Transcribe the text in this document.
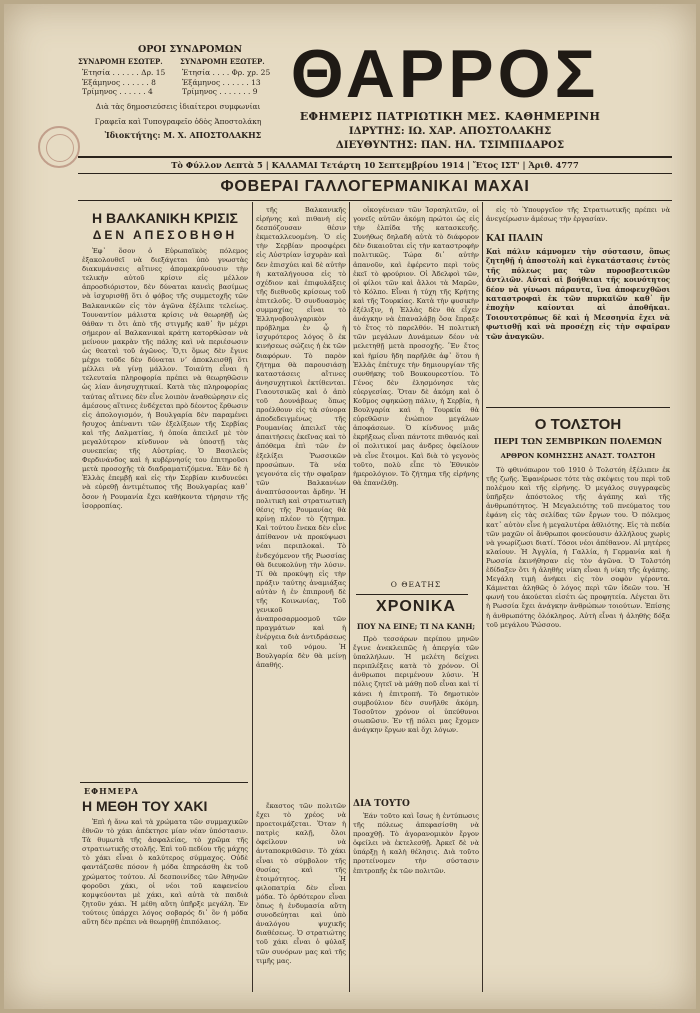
ΟΡΟΙ ΣΥΝΔΡΟΜΩΝ
ΣΥΝΔΡΟΜΗ ΕΣΩΤΕΡ.	ΣΥΝΔΡΟΜΗ ΕΞΩΤΕΡ.
Ἐτησία . . . . . . Δρ. 15
Ἑξάμηνος . . . . . . 8
Τρίμηνος . . . . . . 4
Ἐτησία . . . . Φρ. χρ. 25
Ἑξάμηνος . . . . . . 13
Τρίμηνος . . . . . . . 9
Διὰ τὰς δημοσιεύσεις ἰδιαίτεροι συμφωνίαι
Γραφεῖα καὶ Τυπογραφεῖο ὁδὸς Ἀποστολάκη
Ἰδιοκτήτης: Μ. Χ. ΑΠΟΣΤΟΛΑΚΗΣ
ΘΑΡΡΟΣ
ΕΦΗΜΕΡΙΣ ΠΑΤΡΙΩΤΙΚΗ ΜΕΣ. ΚΑΘΗΜΕΡΙΝΗ
ΙΔΡΥΤΗΣ: ΙΩ. ΧΑΡ. ΑΠΟΣΤΟΛΑΚΗΣ
ΔΙΕΥΘΥΝΤΗΣ: ΠΑΝ. ΗΛ. ΤΣΙΜΠΙΔΑΡΟΣ
Τὸ Φύλλον Λεπτὰ 5 | ΚΑΛΑΜΑΙ Τετάρτη 10 Σεπτεμβρίου 1914 | Ἔτος ΙΣΤ' | Ἀριθ. 4777
ΦΟΒΕΡΑΙ ΓΑΛΛΟΓΕΡΜΑΝΙΚΑΙ ΜΑΧΑΙ
Η ΒΑΛΚΑΝΙΚΗ ΚΡΙΣΙΣ
ΔΕΝ ΑΠΕΣΟΒΗΘΗ

Ἐφ᾽ ὅσον ὁ Εὐρωπαϊκὸς πόλεμος ἐξακολουθεῖ νὰ διεξάγεται ὑπὸ γνωστὰς διακυμάνσεις αἵτινες ἀπομακρύνουσιν τὴν τελικὴν αὐτοῦ κρίσιν εἰς μέλλον ἀπροσδιόριστον, δὲν δύναται κανεὶς βασίμως νὰ ἰσχυρισθῇ ὅτι ὁ φόβος τῆς συμμετοχῆς τῶν Βαλκανικῶν εἰς τὸν ἀγῶνα ἐξέλιπε τελείως. Τουναντίον μάλιστα κρίσις νὰ θεωρηθῇ ὡς θάθαν τι ὅτι ἀπὸ τῆς στιγμῆς καθ᾽ ἣν μέχρι σήμερον αἱ Βαλκανικαὶ κράτη κατορθώσαν νὰ μείνουν μακρὰν τῆς πάλης καὶ νὰ περιέσωσιν ὡς θεαταὶ τοῦ ἀγῶνος. Ὅ,τι ὅμως δὲν ἔγινε μέχρι τοῦδε δὲν δύναται νʼ ἀποκλεισθῇ ὅτι μέλλει νὰ γίνῃ μάλλον. Τοιαύτη εἶναι ἡ τελευταία πληροφορία πρέπει νὰ θεωρηθῶσιν ὡς λίαν ἀνησυχητικαί. Κατὰ τὰς πληροφορίας ταύτας αἵτινες δὲν εἶνε λοιπὸν ἀναθεώρησιν εἰς ἀμέσους αἵτινες ἐνδέχεται πρὸ δέοντος ἔρθωσιν εἰς ἀπολογισμόν, ἡ Βουλγαρία δὲν παραμένει ἥσυχος ἀπέναντι τῶν ἐξελίξεων τῆς Σερβίας καὶ τῆς Δαλματίας, ἡ ὁποία ἀπειλεῖ μὲ τὸν μεγαλύτερον κίνδυνον νὰ ὑποστῇ τὰς συνεπείας τῆς Αὐστρίας. Ὁ Βασιλεὺς Φερδινάνδος καὶ ἡ κυβέρνησίς του ἐπιτηροῦσι μετὰ προσοχῆς τὰ διαδραματιζόμενα. Ἐὰν δὲ ἡ Ἑλλὰς ἐπεμβῇ καὶ εἰς τὴν Σερβίαν κινδυνεύει νὰ εὑρεθῇ ἀντιμέτωπος τῆς Βουλγαρίας καθ᾽ ὅσον ἡ Ρουμανία ἔχει καθήκοντα τήρησιν τῆς ἰσορροπίας.

τῆς Βαλκανικῆς εἰρήνης καὶ πιθανὴ εἰς δεσπόζουσαν θέσιν ἐκμεταλλευομένη. Ὁ εἰς τὴν Σερβίαν προσφέρει εἰς Αὐστρίαν ἰσχυρὰν καὶ δεν ἑπισχύει καὶ δὲ αὐτὴν ἡ καταλήγουσα εἰς τὸ σχέδιον καὶ ἐπιφυλάξεις τῆς διεθνοῦς κρίσεως τοῦ ἐπιτελοῦς. Ὁ συνδυασμὸς συμμαχίας εἶναι τὸ Ἑλληνοβουλγαρικὸν πρόβλημα ἐν ᾧ ἡ ἰσχυρότερος λόγος ὃ ἐκ κινήσεως σώζεις ἡ ἐκ τῶν διαφόρων. Τὸ παρὸν ζήτημα θὰ παρουσιάσῃ καταστάσεις αἵτινες ἀνησυχητικοὶ ἐκτίθενται. Γιαουτσικῶς καὶ ὁ ἀπὸ τοῦ Δουνάβεως ὅπως προέλθουν εἰς τὰ σύνορα ἀποδεδειγμένως τῆς Ρουμανίας ἀπειλεῖ τὰς ἀπαιτήσεις ἐκεῖνας καὶ τὸ ἀπόθεμα ἐπὶ τῶν ἐν ἐξελίξει Ῥωσσικῶν προσώπων. Τὰ νέα γεγονότα εἰς τὴν σφαῖραν τῶν Βαλκανίων ἀναπτύσσονται ἄρδην. Ἡ πολιτικὴ καὶ στρατιωτικὴ θέσις τῆς Ρουμανίας θὰ κρίνῃ πλέον τὸ ζήτημα. Καὶ τούτου ἕνεκα δὲν εἶνε ἀπίθανον νὰ προκύψωσι νέαι περιπλοκαὶ. Τὸ ἐνδεχόμενον τῆς Ρωσσίας θὰ διευκολύνῃ τὴν λύσιν. Τί θὰ προκύψῃ εἰς τὴν πράξιν ταύτης ἀναμιάξας αὐτὰν ἡ ἐν ἐπιπρονῆ δὲ τῆς Κοινωνίας, Τοῦ γενικοῦ ἀναπροσαρμοσμοῦ τῶν πραγμάτων καὶ ἡ ἐνέργεια διὰ ἀντιδράσεως καὶ τοῦ νόμου. Ἡ Βουλγαρία δὲν θὰ μείνῃ ἀπαθής.

οἰκογένειαν τῶν Ἰσραηλιτῶν, οἱ γονεῖς αὐτῶν ἀκόμη πρώτοι ὡς εἰς τὴν ἐλπίδα τῆς κατασκευῆς. Συνήθως δηλαδὴ αὐτὰ τὸ διάφορον δὲν δικαιοῦται εἰς τὴν καταστροφὴν πολιτικῶς. Τώρα δι᾽ αὐτὴν ἀπανοῦν, καὶ ἐφέρεντο περὶ τοὺς ἐκεῖ τὸ φρούριον. Οἱ Ἀδελφοὶ τῶν, οἱ φίλοι τῶν καὶ ἄλλοι τὰ Μαρῶν, τὸ Κόλπο. Εἶναι ἡ τύχη τῆς Κρήτης καὶ τῆς Τουρκίας. Κατὰ τὴν φυσικὴν ἐξέλιξιν, ἡ Ἑλλὰς δὲν θὰ εἶχεν ἀνάγκην νὰ ἐπαναλάβῃ ὅσα ἔπραξε τὸ ἔτος τὸ παρελθόν. Ἡ πολιτικὴ τῶν μεγάλων Δυνάμεων δέον νὰ μελετηθῇ μετὰ προσοχῆς. Ἓν ἔτος καὶ ἡμίσυ ἤδη παρῆλθε ἀφ᾽ ὅτου ἡ Ἑλλὰς ἐπέτυχε τὴν δημιουργίαν τῆς συνθήκης τοῦ Βουκουρεστίου. Τὸ Γένος δὲν ἐλησμόνησε τὰς εὐεργεσίας. Ὅταν δὲ ἀκόμη καὶ ὁ Κοῦμος σφηκώσῃ πάλιν, ἡ Σερβία, ἡ Βουλγαρία καὶ ἡ Τουρκία θὰ εὑρεθῶσιν ἐνώπιον μεγάλων ἀποφάσεων. Ὁ κίνδυνος μιᾶς ἐκρήξεως εἶναι πάντοτε πιθανός καὶ οἱ πολιτικοί μας ἀνδρες ὀφείλουν νὰ εἶνε ἕτοιμοι. Καὶ διὰ τὸ γεγονὸς τοῦτο, πολὺ εἶπε τὸ Ἐθνικὸν ἡμερολόγιον. Τὸ ζήτημα τῆς εἰρήνης θὰ ἐπανέλθῃ.

Ο ΘΕΑΤΗΣ
ΧΡΟΝΙΚΑ
ΠΟΥ ΝΑ ΕΙΝΕ; ΤΙ ΝΑ ΚΑΝΗ;

Πρὸ τεσσάρων περίπου μηνῶν ἔγινε ἀνεκλειπῶς ἡ ἀπεργία τῶν ὑπαλλήλων. Ἡ μελέτη δείχνει περιπλέξεις κατὰ τὸ χρόνον. Οἱ ἀνθρωποι περιμένουν λύσιν. Ἡ πόλις ζητεῖ νὰ μάθῃ ποῦ εἶναι καὶ τί κάνει ἡ ἐπιτροπή. Τὸ δημοτικὸν συμβούλιον δὲν συνῆλθε ἀκόμη. Τοσοῦτον χρόνον οἱ ὑπεύθυνοι σιωπῶσιν. Ἐν τῇ πόλει μας ἔχομεν ἀνάγκην ἔργων καὶ ὄχι λόγων.

ΔΙΑ ΤΟΥΤΟ

Ἐάν τοῦτο καὶ ἴσως ἡ ἐντύπωσις τῆς πόλεως ἀπεφασίσθη νὰ προαχθῇ. Τὸ ἀγορανομικὸν ἔργον ὀφείλει νὰ ἐκτελεσθῇ. Ἀρκεῖ δὲ νὰ ὑπάρξῃ ἡ καλὴ θέλησις. Διὰ τοῦτο προτείνομεν τὴν σύστασιν ἐπιτροπῆς ἐκ τῶν πολιτῶν.

ΕΦΗΜΕΡΑ
Η ΜΕΘΗ ΤΟΥ ΧΑΚΙ

Ἐπὶ ἡ ἄνω καὶ τὰ χρώματα τῶν συμμαχικῶν ἐθνῶν τὸ χάκι ἀπέκτησε μίαν νέαν ὑπόστασιν. Τὰ θυμωτὰ τῆς ἀσφαλείας, τὸ χρῶμα τῆς στρατιωτικῆς στολῆς. Ἐπὶ τοῦ πεδίου τῆς μάχης τὸ χάκι εἶναι ὁ καλύτερος σύμμαχος. Οὐδὲ φαντάζεσθε πόσον ἡ μόδα ἐπηρεάσθη ἐκ τοῦ χρώματος τούτου. Αἱ δεσποινίδες τῶν Ἀθηνῶν φοροῦσι χάκι, οἱ νέοι τοῦ καφενείου κομψεύονται μὲ χάκι, καὶ αὐτὰ τὰ παιδιὰ ζητοῦν χάκι. Ἡ μέθη αὕτη ὑπῆρξε μεγάλη. Ἐν τούτοις ὑπάρχει λόγος σοβαρός δι᾽ ὃν ἡ μόδα αὕτη δὲν πρέπει νὰ θεωρηθῇ ἐπιπόλαιος.

ἕκαστος τῶν πολιτῶν ἔχει τὸ χρέος νὰ προετοιμάζεται. Ὅταν ἡ πατρὶς καλῇ, ὅλοι ὀφείλουν νὰ ἀνταποκριθῶσιν. Τὸ χάκι εἶναι τὸ σύμβολον τῆς θυσίας καὶ τῆς ἑτοιμότητος. Ἡ φιλοπατρία δὲν εἶναι μόδα. Τὸ ὀρθότερον εἶναι ὅπως ἡ ἐνδυμασία αὕτη συνοδεύηται καὶ ὑπὸ ἀναλόγου ψυχικῆς διαθέσεως. Ὁ στρατιώτης τοῦ χάκι εἶναι ὁ φύλαξ τῶν συνόρων μας καὶ τῆς τιμῆς μας.

εἰς τὸ Ὑπουργεῖον τῆς Στρατιωτικῆς πρέπει νὰ ἀνεγείρωσιν ἀμέσως τὴν ἐργασίαν.

ΚΑΙ ΠΑΛΙΝ

Καὶ πάλιν κάμνομεν τὴν σύστασιν, ὅπως ζητηθῇ ἡ ἀποστολὴ καὶ ἐγκατάστασις ἐντὸς τῆς πόλεως μας τῶν πυροσβεστικῶν ἀντλιῶν. Αὐταὶ αἱ βοήθειαι τῆς κοινότητος δέον νὰ γίνωσι πάραυτα, ἵνα ἀποφευχθῶσι καταστροφαὶ ἐκ τῶν πυρκαϊῶν καθ᾽ ἣν ἐποχὴν καίονται αἱ ἀποθῆκαι. Τοιουτοτρόπως δὲ καὶ ἡ Μεσσηνία ἔχει νὰ φωτισθῇ καὶ νὰ προσέχῃ εἰς τὴν σφαῖραν τῶν ἀναγκῶν.

Ο ΤΟΛΣΤΟΗ
ΠΕΡΙ ΤΩΝ ΣΕΜΒΡΙΚΩΝ ΠΟΛΕΜΩΝ
ΑΡΘΡΟΝ ΚΟΜΗΣΣΗΣ ΑΝΑΣΤ. ΤΟΛΣΤΟΗ

Τὸ φθινόπωρον τοῦ 1910 ὁ Τολστόη ἐξέλιπεν ἐκ τῆς ζωῆς. Ἐφανέρωσε τότε τὰς σκέψεις του περὶ τοῦ πολέμου καὶ τῆς εἰρήνης. Ὁ μεγάλος συγγραφεὺς ὑπῆρξεν ἀπόστολος τῆς ἀγάπης καὶ τῆς ἀνθρωπότητος. Ἡ Μεγαλειότης τοῦ πνεύματος του ἐφάνη εἰς τὰς σελίδας τῶν ἔργων του. Ὁ πόλεμος κατ᾽ αὐτὸν εἶνε ἡ μεγαλυτέρα ἀθλιότης. Εἰς τὰ πεδία τῶν μαχῶν οἱ ἄνθρωποι φονεύουσιν ἀλλήλους χωρὶς νὰ γνωρίζωσι διατί. Τόσοι νέοι ἀπέθανον. Αἱ μητέρες κλαίουν. Ἡ Ἀγγλία, ἡ Γαλλία, ἡ Γερμανία καὶ ἡ Ρωσσία ἐκινήθησαν εἰς τὸν ἀγῶνα. Ὁ Τολστόη ἐδίδαξεν ὅτι ἡ ἀληθὴς νίκη εἶναι ἡ νίκη τῆς ἀγάπης. Μεγάλη τιμὴ ἀνήκει εἰς τὸν σοφὸν γέροντα. Κάμνεται ἀληθῶς ὁ λόγος περὶ τῶν ἰδεῶν του. Ἡ φωνή του ἀκούεται εἰσέτι ὡς προφητεία. Λέγεται ὅτι ἡ Ρωσσία ἔχει ἀνάγκην ἀνθρώπων τοιούτων. Ἐπίσης ἡ ἀνθρωπότης ὁλόκληρος. Αὐτὴ εἶναι ἡ ἀληθὴς δόξα τοῦ μεγάλου Ῥώσσου.
